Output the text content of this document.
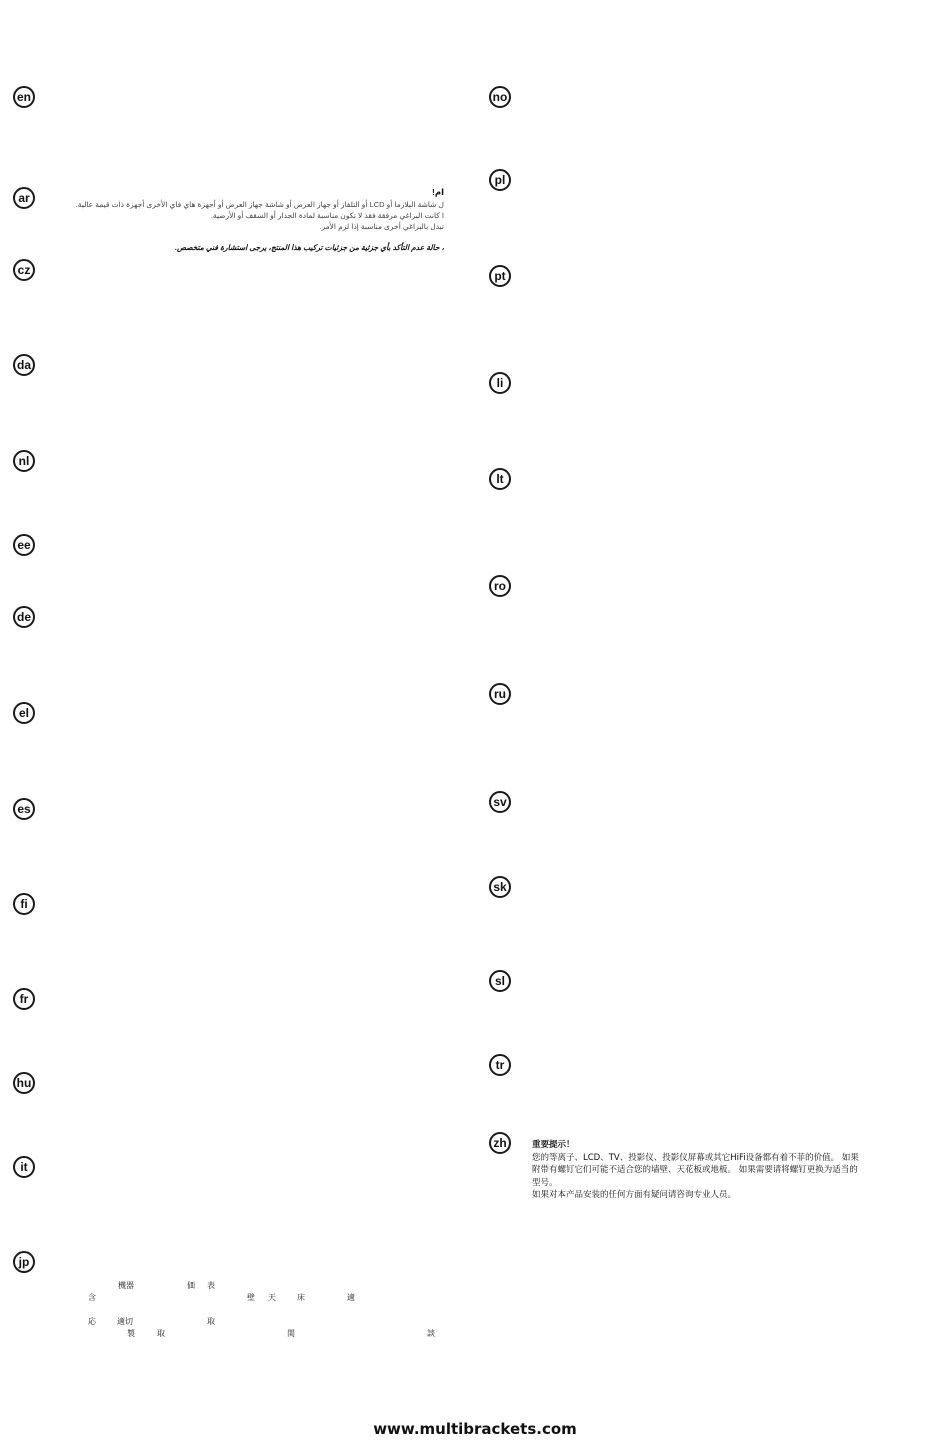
en
ar
cz
da
nl
ee
de
el
es
fi
fr
hu
it
jp
no
pl
pt
li
lt
ro
ru
sv
sk
sl
tr
zh
ام!
ل شاشة البلازما أو LCD أو التلفاز أو جهاز العرض أو شاشة جهاز العرض أو أجهزة هاي فاي الأخرى أجهزة ذات قيمة عالية.
ا كانت البراغي مرفقة فقد لا تكون مناسبة لمادة الجدار أو السقف أو الأرضية.
تبدل بالبراغي أخرى مناسبة إذا لزم الأمر.
، حالة عدم التأكد بأي جزئية من جزئيات تركيب هذا المنتج، يرجى استشارة فني متخصص.
重要提示！
您的等离子、LCD、TV、投影仪、投影仪屏幕或其它HiFi设备都有着不菲的价值。 如果
附带有螺钉它们可能不适合您的墙壁、天花板或地板。 如果需要请将螺钉更换为适当的
型号。
如果对本产品安装的任何方面有疑问请咨询专业人员。
機器	価 表
含	壁 天	床	適
応	適切	取
製	取	関	談
www.multibrackets.com
